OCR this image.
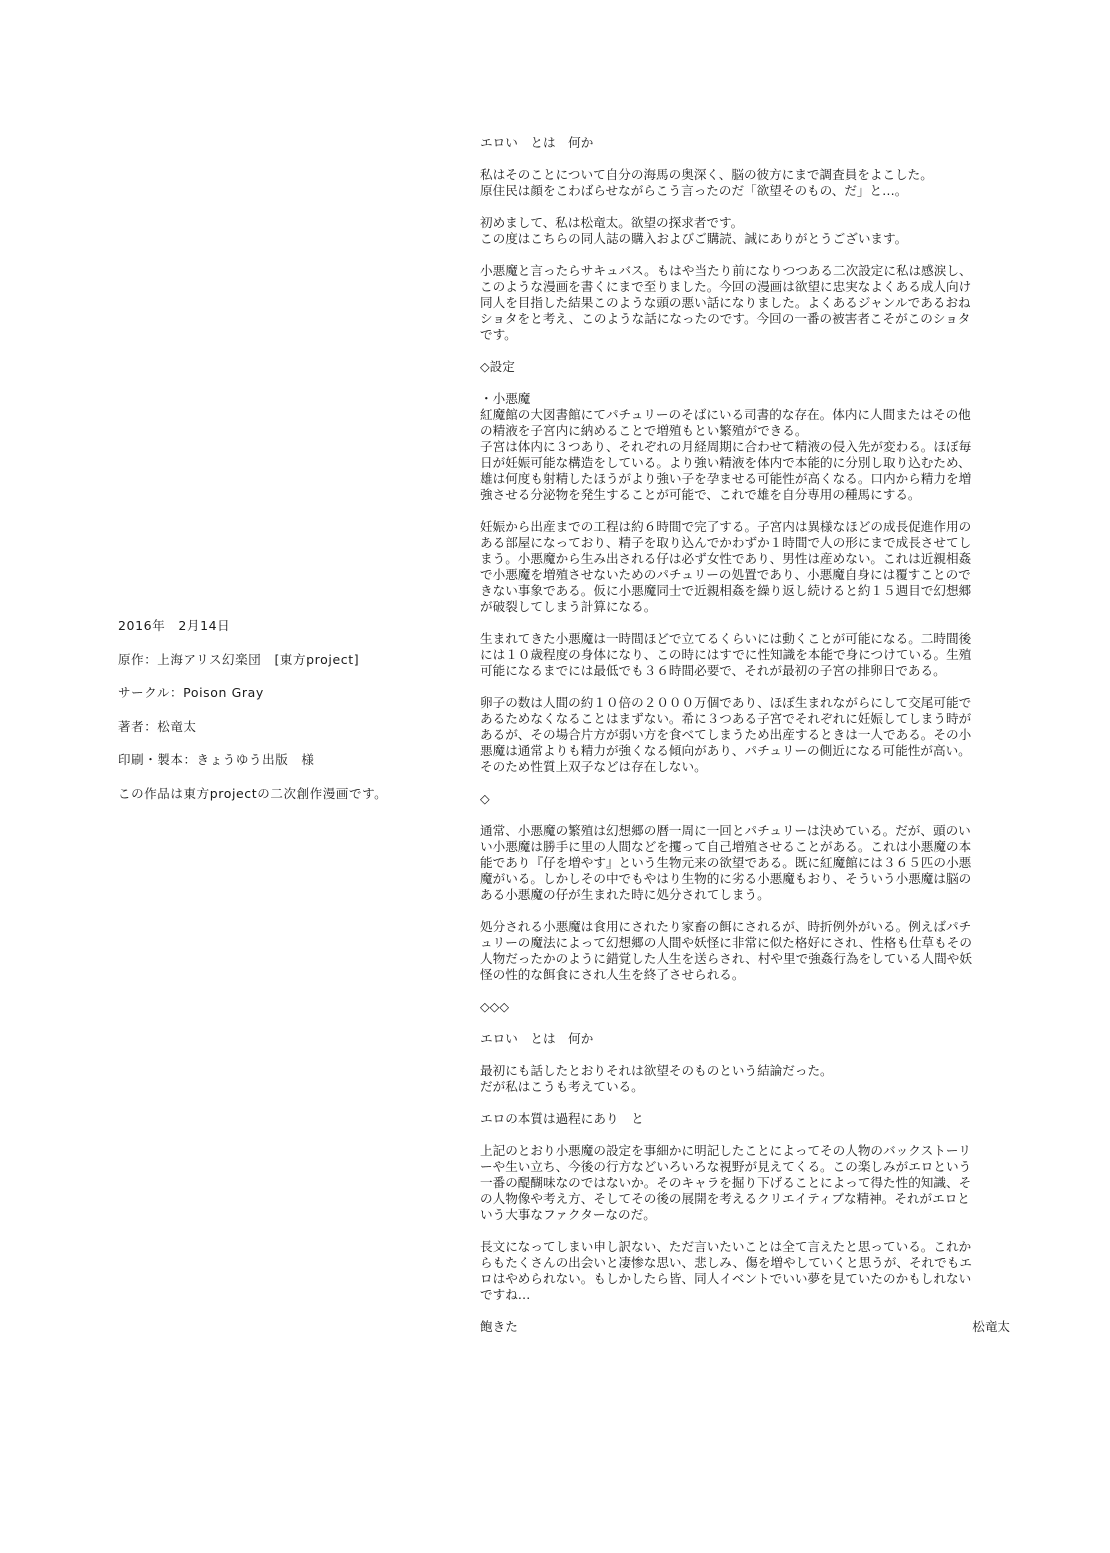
2016年　2月14日

原作：上海アリス幻楽団　[東方project]

サークル：Poison Gray

著者：松竜太

印刷・製本：きょうゆう出版　様

この作品は東方projectの二次創作漫画です。

エロい　とは　何か
私はそのことについて自分の海馬の奥深く、脳の彼方にまで調査員をよこした。
原住民は顔をこわばらせながらこう言ったのだ「欲望そのもの、だ」と…。
初めまして、私は松竜太。欲望の探求者です。
この度はこちらの同人誌の購入およびご購読、誠にありがとうございます。
小悪魔と言ったらサキュバス。もはや当たり前になりつつある二次設定に私は感涙し、
このような漫画を書くにまで至りました。今回の漫画は欲望に忠実なよくある成人向け
同人を目指した結果このような頭の悪い話になりました。よくあるジャンルであるおね
ショタをと考え、このような話になったのです。今回の一番の被害者こそがこのショタ
です。
◇設定
・小悪魔
紅魔館の大図書館にてパチュリーのそばにいる司書的な存在。体内に人間またはその他
の精液を子宮内に納めることで増殖もとい繁殖ができる。
子宮は体内に３つあり、それぞれの月経周期に合わせて精液の侵入先が変わる。ほぼ毎
日が妊娠可能な構造をしている。より強い精液を体内で本能的に分別し取り込むため、
雄は何度も射精したほうがより強い子を孕ませる可能性が高くなる。口内から精力を増
強させる分泌物を発生することが可能で、これで雄を自分専用の種馬にする。
妊娠から出産までの工程は約６時間で完了する。子宮内は異様なほどの成長促進作用の
ある部屋になっており、精子を取り込んでかわずか１時間で人の形にまで成長させてし
まう。小悪魔から生み出される仔は必ず女性であり、男性は産めない。これは近親相姦
で小悪魔を増殖させないためのパチュリーの処置であり、小悪魔自身には覆すことので
きない事象である。仮に小悪魔同士で近親相姦を繰り返し続けると約１５週目で幻想郷
が破裂してしまう計算になる。
生まれてきた小悪魔は一時間ほどで立てるくらいには動くことが可能になる。二時間後
には１０歳程度の身体になり、この時にはすでに性知識を本能で身につけている。生殖
可能になるまでには最低でも３６時間必要で、それが最初の子宮の排卵日である。
卵子の数は人間の約１０倍の２０００万個であり、ほぼ生まれながらにして交尾可能で
あるためなくなることはまずない。希に３つある子宮でそれぞれに妊娠してしまう時が
あるが、その場合片方が弱い方を食べてしまうため出産するときは一人である。その小
悪魔は通常よりも精力が強くなる傾向があり、パチュリーの側近になる可能性が高い。
そのため性質上双子などは存在しない。
◇
通常、小悪魔の繁殖は幻想郷の暦一周に一回とパチュリーは決めている。だが、頭のい
い小悪魔は勝手に里の人間などを攫って自己増殖させることがある。これは小悪魔の本
能であり『仔を増やす』という生物元来の欲望である。既に紅魔館には３６５匹の小悪
魔がいる。しかしその中でもやはり生物的に劣る小悪魔もおり、そういう小悪魔は脳の
ある小悪魔の仔が生まれた時に処分されてしまう。
処分される小悪魔は食用にされたり家畜の餌にされるが、時折例外がいる。例えばパチ
ュリーの魔法によって幻想郷の人間や妖怪に非常に似た格好にされ、性格も仕草もその
人物だったかのように錯覚した人生を送らされ、村や里で強姦行為をしている人間や妖
怪の性的な餌食にされ人生を終了させられる。
◇◇◇
エロい　とは　何か
最初にも話したとおりそれは欲望そのものという結論だった。
だが私はこうも考えている。
エロの本質は過程にあり　と
上記のとおり小悪魔の設定を事細かに明記したことによってその人物のバックストーリ
ーや生い立ち、今後の行方などいろいろな視野が見えてくる。この楽しみがエロという
一番の醍醐味なのではないか。そのキャラを掘り下げることによって得た性的知識、そ
の人物像や考え方、そしてその後の展開を考えるクリエイティブな精神。それがエロと
いう大事なファクターなのだ。
長文になってしまい申し訳ない、ただ言いたいことは全て言えたと思っている。これか
らもたくさんの出会いと凄惨な思い、悲しみ、傷を増やしていくと思うが、それでもエ
ロはやめられない。もしかしたら皆、同人イベントでいい夢を見ていたのかもしれない
ですね…
飽きた	松竜太
